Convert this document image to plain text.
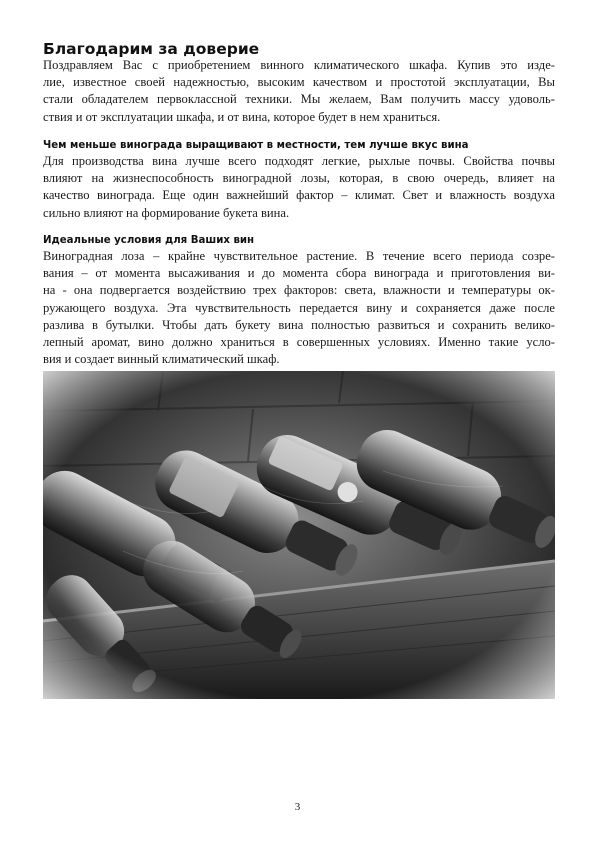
Благодарим за доверие
Поздравляем Вас с приобретением винного климатического шкафа. Купив это изде-
лие, известное своей надежностью, высоким качеством и простотой эксплуатации, Вы
стали обладателем первоклассной техники. Мы желаем, Вам получить массу удоволь-
ствия и от эксплуатации шкафа, и от вина, которое будет в нем храниться.
Чем меньше винограда выращивают в местности, тем лучше вкус вина
Для производства вина лучше всего подходят легкие, рыхлые почвы. Свойства почвы
влияют на жизнеспособность виноградной лозы, которая, в свою очередь, влияет на
качество винограда. Еще один важнейший фактор – климат. Свет и влажность воздуха
сильно влияют на формирование букета вина.
Идеальные условия для Ваших вин
Виноградная лоза – крайне чувствительное растение. В течение всего периода созре-
вания – от момента высаживания и до момента сбора винограда и приготовления ви-
на - она подвергается воздействию трех факторов: света, влажности и температуры ок-
ружающего воздуха. Эта чувствительность передается вину и сохраняется даже после
разлива в бутылки. Чтобы дать букету вина полностью развиться и сохранить велико-
лепный аромат, вино должно храниться в совершенных условиях. Именно такие усло-
вия и создает винный климатический шкаф.
3
